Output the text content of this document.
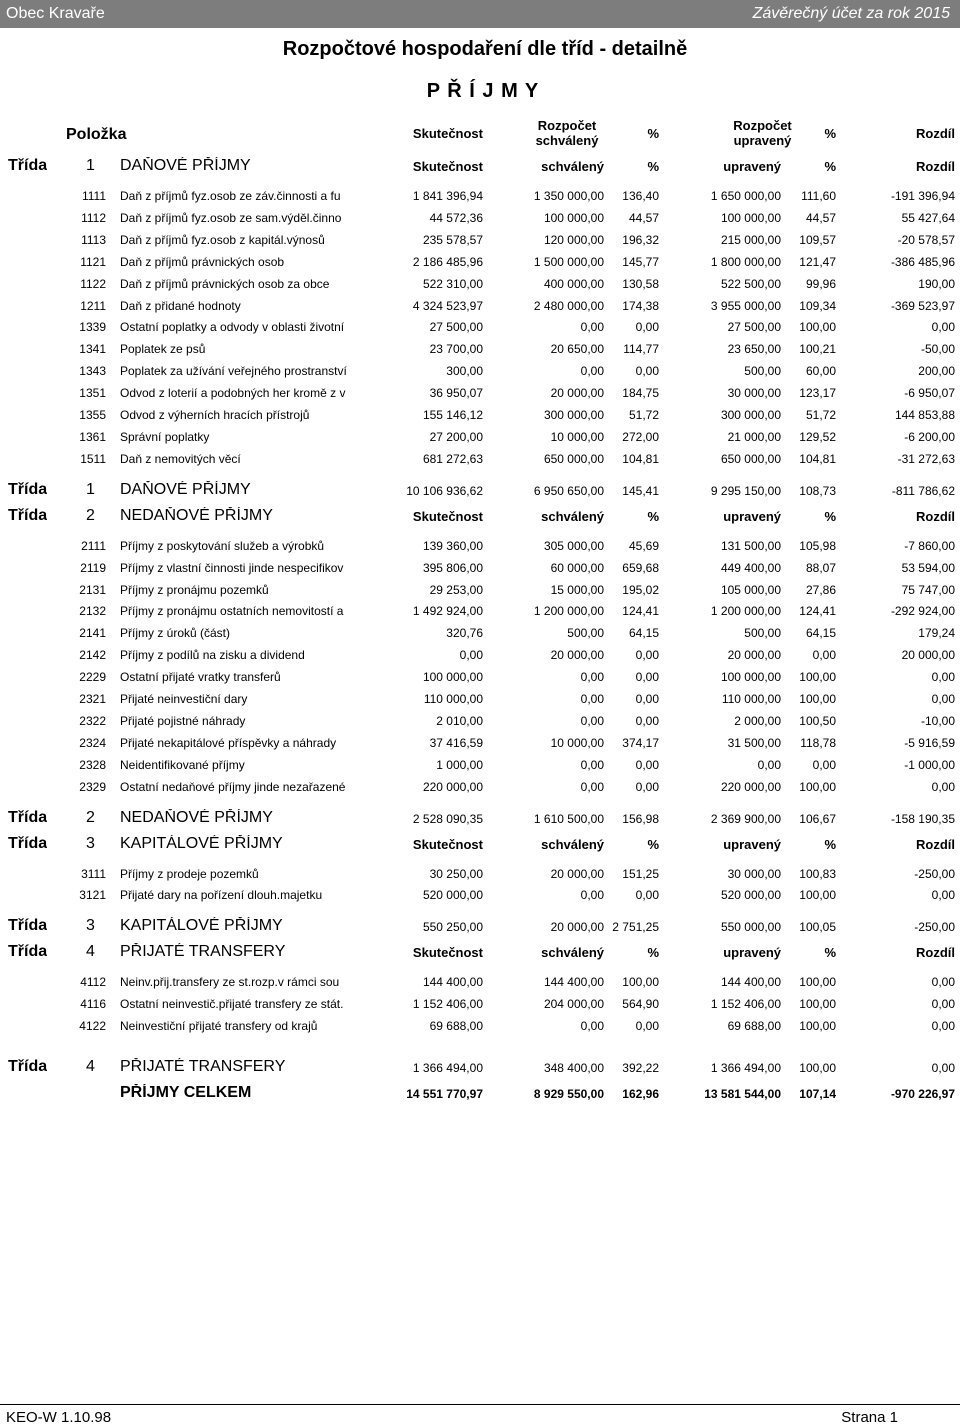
Obec Kravaře	Závěrečný účet za rok 2015
Rozpočtové hospodaření dle tříd - detailně
P Ř Í J M Y
Položka	Skutečnost
Rozpočet
schválený	%
Rozpočet
upravený	%	Rozdíl
Třída 1	DAŇOVÉ PŘÍJMY	Skutečnost	schválený	%	upravený	%	Rozdíl
1111 Daň z příjmů fyz.osob ze záv.činnosti a fu	1 841 396,94	1 350 000,00	136,40	1 650 000,00	111,60	-191 396,94
1112 Daň z příjmů fyz.osob ze sam.výděl.činno	44 572,36	100 000,00	44,57	100 000,00	44,57	55 427,64
1113 Daň z příjmů fyz.osob z kapitál.výnosů	235 578,57	120 000,00	196,32	215 000,00	109,57	-20 578,57
1121 Daň z příjmů právnických osob	2 186 485,96	1 500 000,00	145,77	1 800 000,00	121,47	-386 485,96
1122 Daň z příjmů právnických osob za obce	522 310,00	400 000,00	130,58	522 500,00	99,96	190,00
1211 Daň z přidané hodnoty	4 324 523,97	2 480 000,00	174,38	3 955 000,00	109,34	-369 523,97
1339 Ostatní poplatky a odvody v oblasti životní	27 500,00	0,00	0,00	27 500,00	100,00	0,00
1341 Poplatek ze psů	23 700,00	20 650,00	114,77	23 650,00	100,21	-50,00
1343 Poplatek za užívání veřejného prostranství	300,00	0,00	0,00	500,00	60,00	200,00
1351 Odvod z loterií a podobných her kromě z v	36 950,07	20 000,00	184,75	30 000,00	123,17	-6 950,07
1355 Odvod z výherních hracích přístrojů	155 146,12	300 000,00	51,72	300 000,00	51,72	144 853,88
1361 Správní poplatky	27 200,00	10 000,00	272,00	21 000,00	129,52	-6 200,00
1511 Daň z nemovitých věcí	681 272,63	650 000,00	104,81	650 000,00	104,81	-31 272,63
Třída 1	DAŇOVÉ PŘÍJMY	10 106 936,62	6 950 650,00	145,41	9 295 150,00	108,73	-811 786,62
Třída 2	NEDAŇOVÉ PŘÍJMY	Skutečnost	schválený	%	upravený	%	Rozdíl
2111 Příjmy z poskytování služeb a výrobků	139 360,00	305 000,00	45,69	131 500,00	105,98	-7 860,00
2119 Příjmy z vlastní činnosti jinde nespecifikov	395 806,00	60 000,00	659,68	449 400,00	88,07	53 594,00
2131 Příjmy z pronájmu pozemků	29 253,00	15 000,00	195,02	105 000,00	27,86	75 747,00
2132 Příjmy z pronájmu ostatních nemovitostí a	1 492 924,00	1 200 000,00	124,41	1 200 000,00	124,41	-292 924,00
2141 Příjmy z úroků (část)	320,76	500,00	64,15	500,00	64,15	179,24
2142 Příjmy z podílů na zisku a dividend	0,00	20 000,00	0,00	20 000,00	0,00	20 000,00
2229 Ostatní přijaté vratky transferů	100 000,00	0,00	0,00	100 000,00	100,00	0,00
2321 Přijaté neinvestiční dary	110 000,00	0,00	0,00	110 000,00	100,00	0,00
2322 Přijaté pojistné náhrady	2 010,00	0,00	0,00	2 000,00	100,50	-10,00
2324 Přijaté nekapitálové příspěvky a náhrady	37 416,59	10 000,00	374,17	31 500,00	118,78	-5 916,59
2328 Neidentifikované příjmy	1 000,00	0,00	0,00	0,00	0,00	-1 000,00
2329 Ostatní nedaňové příjmy jinde nezařazené	220 000,00	0,00	0,00	220 000,00	100,00	0,00
Třída 2	NEDAŇOVÉ PŘÍJMY	2 528 090,35	1 610 500,00	156,98	2 369 900,00	106,67	-158 190,35
Třída 3	KAPITÁLOVÉ PŘÍJMY	Skutečnost	schválený	%	upravený	%	Rozdíl
3111 Příjmy z prodeje pozemků	30 250,00	20 000,00	151,25	30 000,00	100,83	-250,00
3121 Přijaté dary na pořízení dlouh.majetku	520 000,00	0,00	0,00	520 000,00	100,00	0,00
Třída 3	KAPITÁLOVÉ PŘÍJMY	550 250,00	20 000,00 2 751,25	550 000,00	100,05	-250,00
Třída 4	PŘIJATÉ TRANSFERY	Skutečnost	schválený	%	upravený	%	Rozdíl
4112 Neinv.přij.transfery ze st.rozp.v rámci sou	144 400,00	144 400,00	100,00	144 400,00	100,00	0,00
4116 Ostatní neinvestič.přijaté transfery ze stát.	1 152 406,00	204 000,00	564,90	1 152 406,00	100,00	0,00
4122 Neinvestiční přijaté transfery od krajů	69 688,00	0,00	0,00	69 688,00	100,00	0,00
Třída 4	PŘIJATÉ TRANSFERY	1 366 494,00	348 400,00	392,22	1 366 494,00	100,00	0,00
PŘÍJMY CELKEM	14 551 770,97	8 929 550,00	162,96	13 581 544,00	107,14	-970 226,97
KEO-W 1.10.98	Strana 1
